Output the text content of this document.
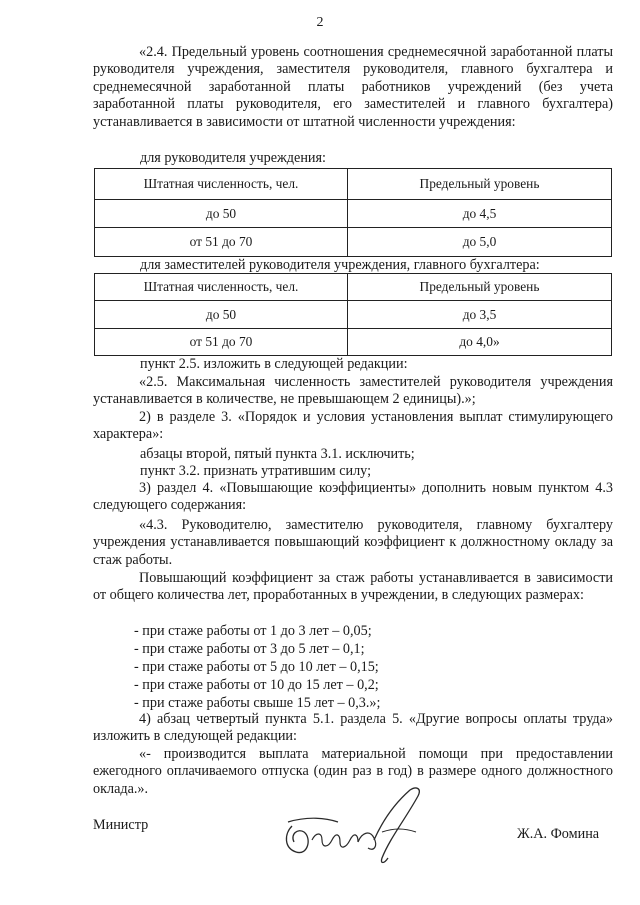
2

«2.4. Предельный уровень соотношения среднемесячной заработанной платы руководителя учреждения, заместителя руководителя, главного бухгалтера и среднемесячной заработанной платы работников учреждений (без учета заработанной платы руководителя, его заместителей и главного бухгалтера) устанавливается в зависимости от штатной численности учреждения:

для руководителя учреждения:
Штатная численность, чел.	Предельный уровень
до 50	до 4,5
от 51 до 70	до 5,0
для заместителей руководителя учреждения, главного бухгалтера:
Штатная численность, чел.	Предельный уровень
до 50	до 3,5
от 51 до 70	до 4,0»
пункт 2.5. изложить в следующей редакции:

«2.5. Максимальная численность заместителей руководителя учреждения устанавливается в количестве, не превышающем 2 единицы).»;

2) в разделе 3. «Порядок и условия установления выплат стимулирующего характера»:

абзацы второй, пятый пункта 3.1. исключить;
пункт 3.2. признать утратившим силу;

3) раздел 4. «Повышающие коэффициенты» дополнить новым пунктом 4.3 следующего содержания:

«4.3. Руководителю, заместителю руководителя, главному бухгалтеру учреждения устанавливается повышающий коэффициент к должностному окладу за стаж работы.

Повышающий коэффициент за стаж работы устанавливается в зависимости от общего количества лет, проработанных в учреждении, в следующих размерах:

- при стаже работы от 1 до 3 лет – 0,05;
- при стаже работы от 3 до 5 лет – 0,1;
- при стаже работы от 5 до 10 лет – 0,15;
- при стаже работы от 10 до 15 лет – 0,2;
- при стаже работы свыше 15 лет – 0,3.»;

4) абзац четвертый пункта 5.1. раздела 5. «Другие вопросы оплаты труда» изложить в следующей редакции:

«- производится выплата материальной помощи при предоставлении ежегодного оплачиваемого отпуска (один раз в год) в размере одного должностного оклада.».

Министр
Ж.А. Фомина
